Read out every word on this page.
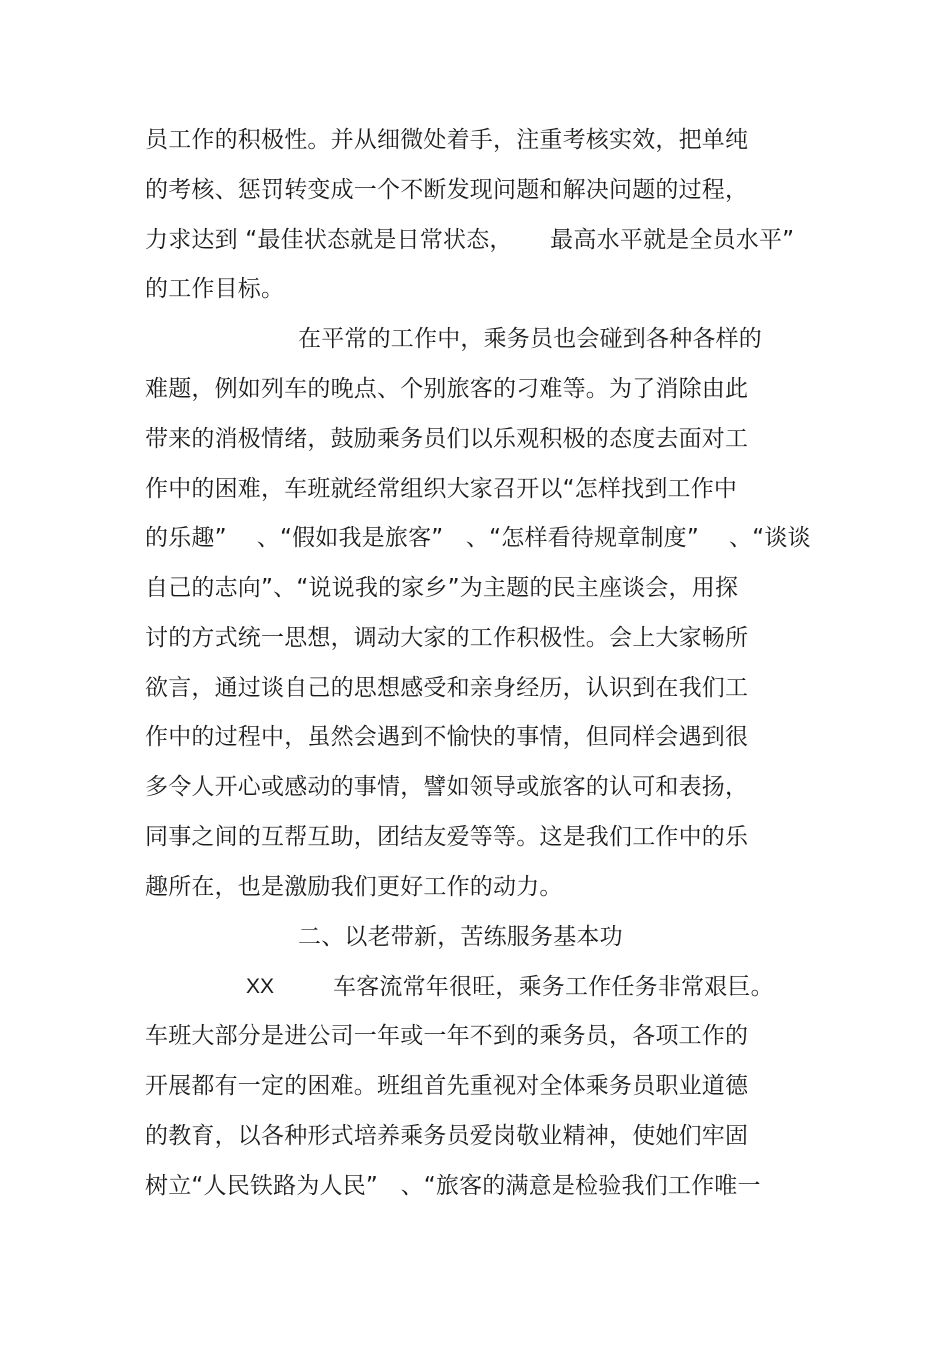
员工作的积极性。并从细微处着手，注重考核实效，把单纯
的考核、惩罚转变成一个不断发现问题和解决问题的过程，
力求达到 “最佳状态就是日常状态，     最高水平就是全员水平”
的工作目标。
在平常的工作中，乘务员也会碰到各种各样的
难题，例如列车的晚点、个别旅客的刁难等。为了消除由此
带来的消极情绪，鼓励乘务员们以乐观积极的态度去面对工
作中的困难，车班就经常组织大家召开以“怎样找到工作中
的乐趣”    、“假如我是旅客”   、“怎样看待规章制度”    、“谈谈
自己的志向”、“说说我的家乡”为主题的民主座谈会，用探
讨的方式统一思想，调动大家的工作积极性。会上大家畅所
欲言，通过谈自己的思想感受和亲身经历，认识到在我们工
作中的过程中，虽然会遇到不愉快的事情，但同样会遇到很
多令人开心或感动的事情，譬如领导或旅客的认可和表扬，
同事之间的互帮互助，团结友爱等等。这是我们工作中的乐
趣所在，也是激励我们更好工作的动力。
二、以老带新，苦练服务基本功
XX	车客流常年很旺，乘务工作任务非常艰巨。
车班大部分是进公司一年或一年不到的乘务员，各项工作的
开展都有一定的困难。班组首先重视对全体乘务员职业道德
的教育，以各种形式培养乘务员爱岗敬业精神，使她们牢固
树立“人民铁路为人民”   、“旅客的满意是检验我们工作唯一
